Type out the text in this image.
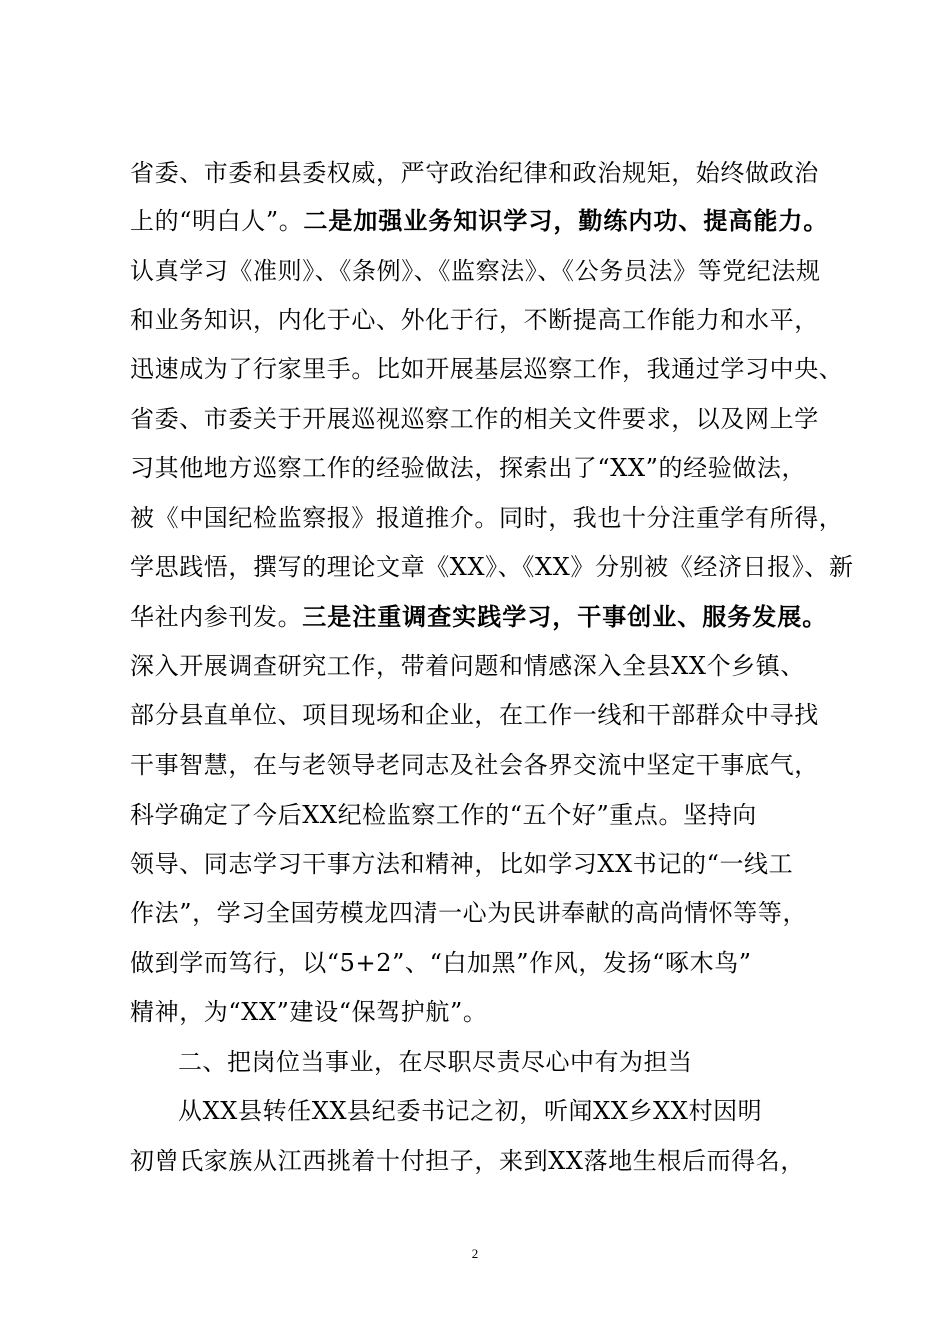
省委、市委和县委权威，严守政治纪律和政治规矩，始终做政治
上的“明白人”。二是加强业务知识学习，勤练内功、提高能力。
认真学习《准则》、《条例》、《监察法》、《公务员法》等党纪法规
和业务知识，内化于心、外化于行，不断提高工作能力和水平，
迅速成为了行家里手。比如开展基层巡察工作，我通过学习中央、
省委、市委关于开展巡视巡察工作的相关文件要求，以及网上学
习其他地方巡察工作的经验做法，探索出了“XX”的经验做法，
被《中国纪检监察报》报道推介。同时，我也十分注重学有所得，
学思践悟，撰写的理论文章《XX》、《XX》分别被《经济日报》、新
华社内参刊发。三是注重调查实践学习，干事创业、服务发展。
深入开展调查研究工作，带着问题和情感深入全县XX个乡镇、
部分县直单位、项目现场和企业，在工作一线和干部群众中寻找
干事智慧，在与老领导老同志及社会各界交流中坚定干事底气，
科学确定了今后XX纪检监察工作的“五个好”重点。坚持向
领导、同志学习干事方法和精神，比如学习XX书记的“一线工
作法”，学习全国劳模龙四清一心为民讲奉献的高尚情怀等等，
做到学而笃行，以“5+2”、“白加黑”作风，发扬“啄木鸟”
精神，为“XX”建设“保驾护航”。
二、把岗位当事业，在尽职尽责尽心中有为担当
从XX县转任XX县纪委书记之初，听闻XX乡XX村因明
初曾氏家族从江西挑着十付担子，来到XX落地生根后而得名，
2
